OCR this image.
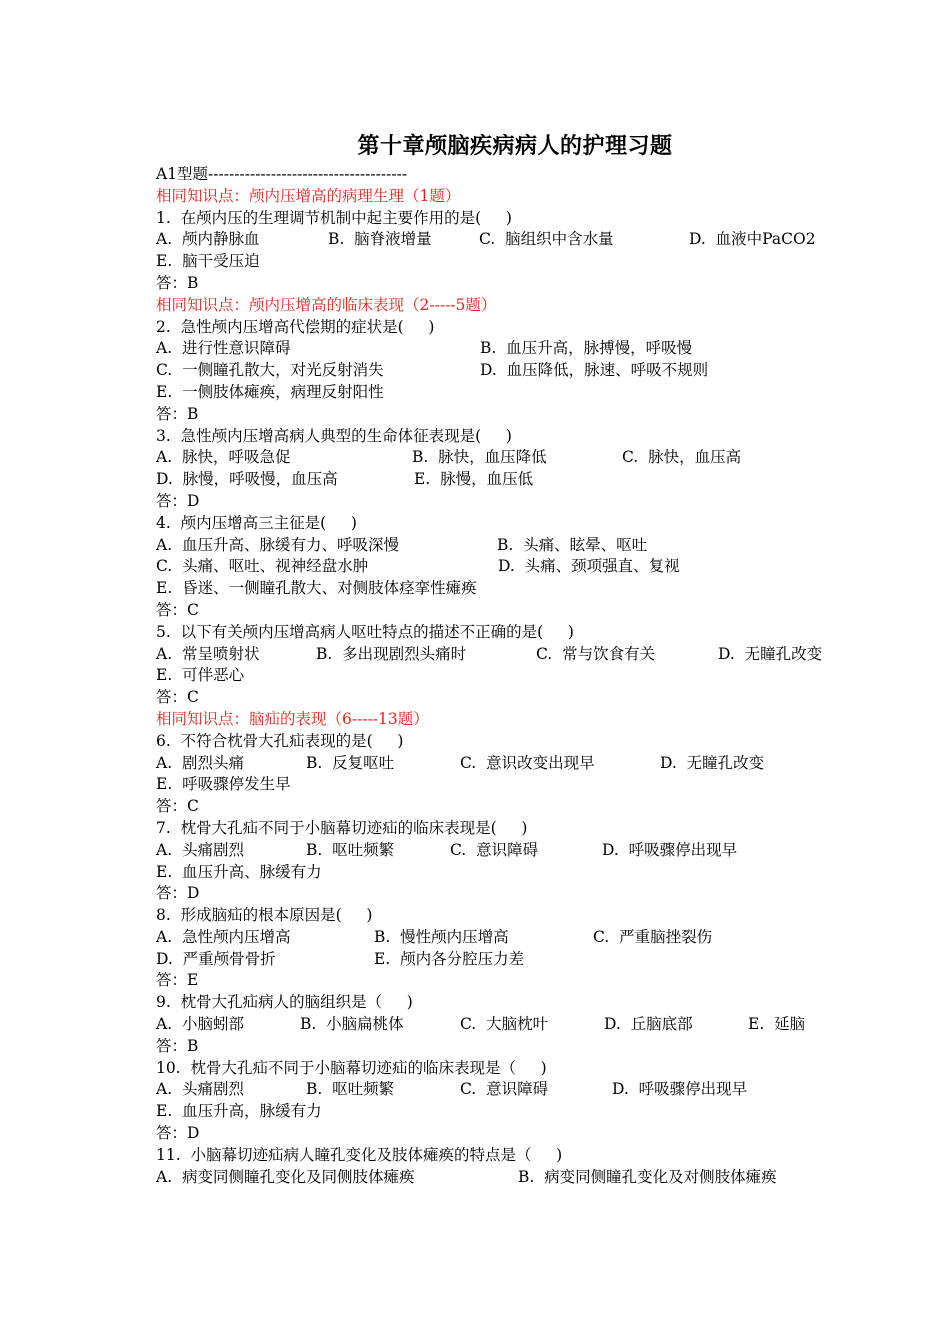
第十章颅脑疾病病人的护理习题
A1型题--------------------------------------
相同知识点：颅内压增高的病理生理（1题）
1.  在颅内压的生理调节机制中起主要作用的是(     )
A.  颅内静脉血	B.  脑脊液增量	C.  脑组织中含水量	D.  血液中PaCO2
E.  脑干受压迫
答：B
相同知识点：颅内压增高的临床表现（2-----5题）
2.  急性颅内压增高代偿期的症状是(     )
A.  进行性意识障碍	B.  血压升高，脉搏慢，呼吸慢
C.  一侧瞳孔散大，对光反射消失	D.  血压降低，脉速、呼吸不规则
E.  一侧肢体瘫痪，病理反射阳性
答：B
3.  急性颅内压增高病人典型的生命体征表现是(     )
A.  脉快，呼吸急促	B.  脉快，血压降低	C.  脉快，血压高
D.  脉慢，呼吸慢，血压高	E.  脉慢，血压低
答：D
4.  颅内压增高三主征是(     )
A.  血压升高、脉缓有力、呼吸深慢	B.  头痛、眩晕、呕吐
C.  头痛、呕吐、视神经盘水肿	D.  头痛、颈项强直、复视
E.  昏迷、一侧瞳孔散大、对侧肢体痉挛性瘫痪
答：C
5.  以下有关颅内压增高病人呕吐特点的描述不正确的是(     )
A.  常呈喷射状	B.  多出现剧烈头痛时	C.  常与饮食有关	D.  无瞳孔改变
E.  可伴恶心
答：C
相同知识点：脑疝的表现（6-----13题）
6.  不符合枕骨大孔疝表现的是(     )
A.  剧烈头痛	B.  反复呕吐	C.  意识改变出现早	D.  无瞳孔改变
E.  呼吸骤停发生早
答：C
7.  枕骨大孔疝不同于小脑幕切迹疝的临床表现是(     )
A.  头痛剧烈	B.  呕吐频繁	C.  意识障碍	D.  呼吸骤停出现早
E.  血压升高、脉缓有力
答：D
8.  形成脑疝的根本原因是(     )
A.  急性颅内压增高	B.  慢性颅内压增高	C.  严重脑挫裂伤
D.  严重颅骨骨折	E.  颅内各分腔压力差
答：E
9.  枕骨大孔疝病人的脑组织是（     )
A.  小脑蚓部	B.  小脑扁桃体	C.  大脑枕叶	D.  丘脑底部	E.  延脑
答：B
10.  枕骨大孔疝不同于小脑幕切迹疝的临床表现是（     )
A.  头痛剧烈	B.  呕吐频繁	C.  意识障碍	D.  呼吸骤停出现早
E.  血压升高，脉缓有力
答：D
11.  小脑幕切迹疝病人瞳孔变化及肢体瘫痪的特点是（     )
A.  病变同侧瞳孔变化及同侧肢体瘫痪	B.  病变同侧瞳孔变化及对侧肢体瘫痪
